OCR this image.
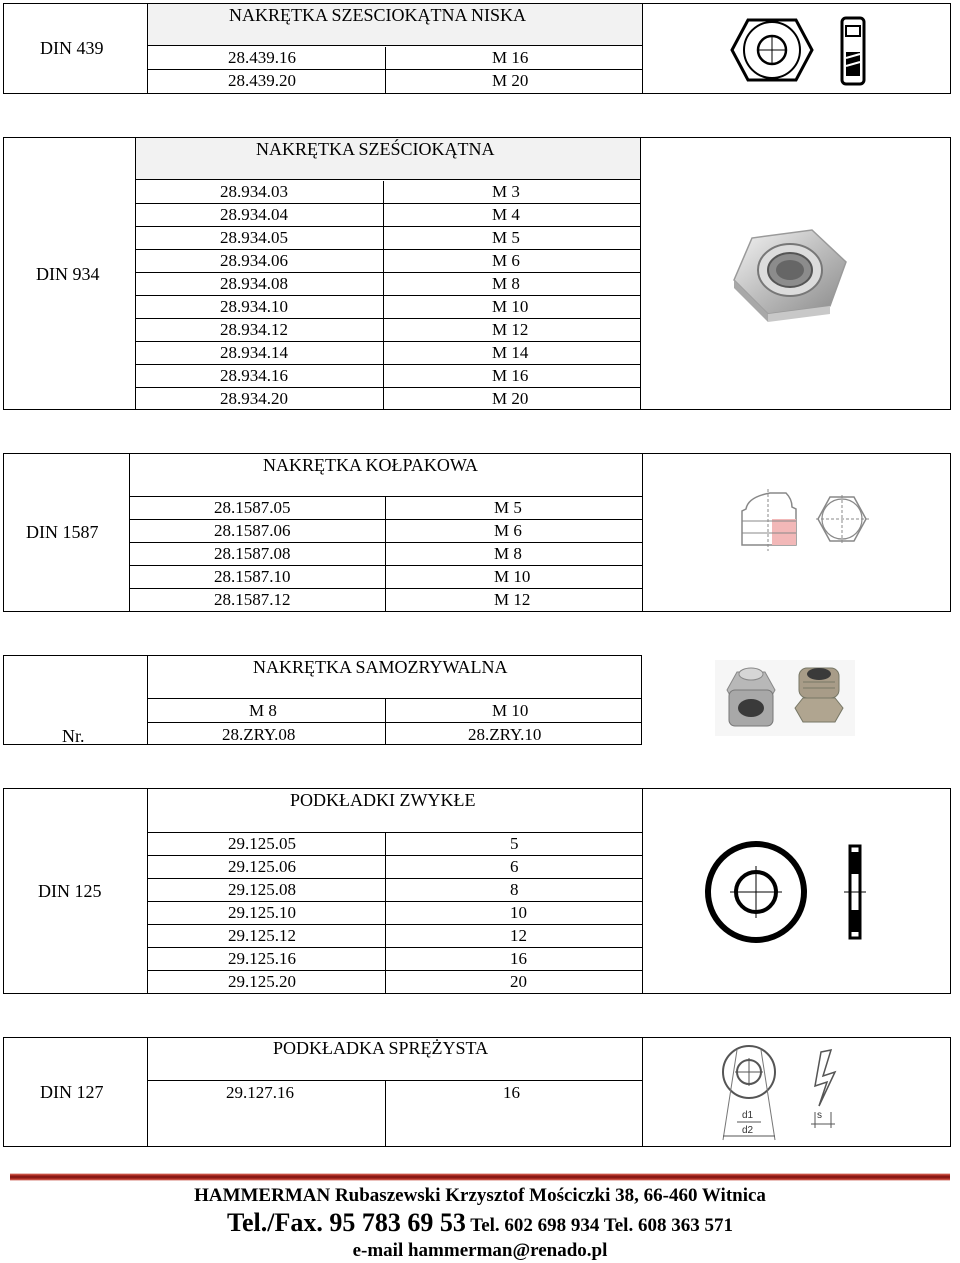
DIN 439
NAKRĘTKA SZESCIOKĄTNA NISKA
28.439.16	M 16
28.439.20	M 20
DIN 934
NAKRĘTKA SZEŚCIOKĄTNA
28.934.03	M 3
28.934.04	M 4
28.934.05	M 5
28.934.06	M 6
28.934.08	M 8
28.934.10	M 10
28.934.12	M 12
28.934.14	M 14
28.934.16	M 16
28.934.20	M 20
DIN 1587
NAKRĘTKA KOŁPAKOWA
28.1587.05	M 5
28.1587.06	M 6
28.1587.08	M 8
28.1587.10	M 10
28.1587.12	M 12
Nr.
NAKRĘTKA SAMOZRYWALNA
M 8	M 10
28.ZRY.08	28.ZRY.10
DIN 125
PODKŁADKI ZWYKŁE
29.125.05	5
29.125.06	6
29.125.08	8
29.125.10	10
29.125.12	12
29.125.16	16
29.125.20	20
DIN 127
PODKŁADKA SPRĘŻYSTA
29.127.16	16
d1
d2
s
HAMMERMAN Rubaszewski Krzysztof Mościczki 38, 66-460 Witnica
Tel./Fax. 95 783 69 53 Tel. 602 698 934 Tel. 608 363 571
e-mail hammerman@renado.pl
